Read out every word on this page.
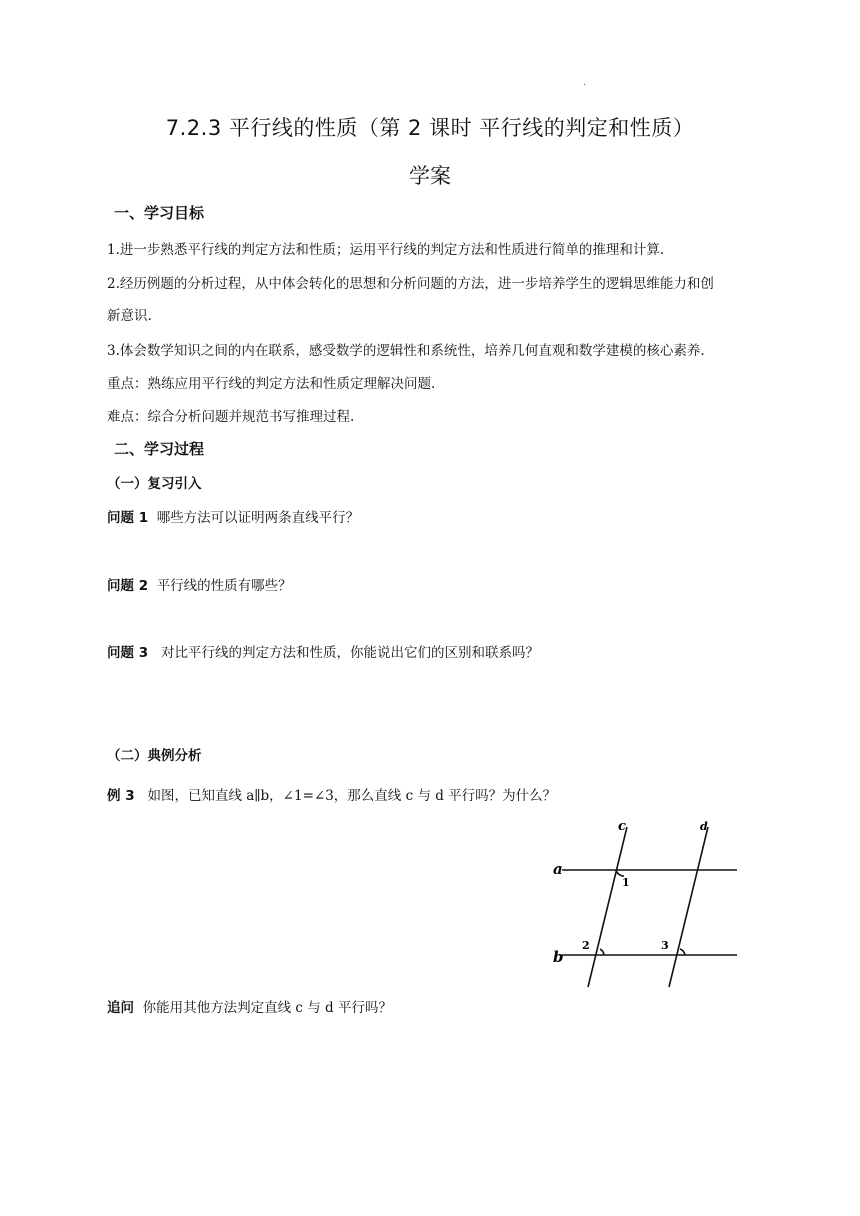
·
7.2.3 平行线的性质（第 2 课时 平行线的判定和性质）
学案
一、学习目标
1.进一步熟悉平行线的判定方法和性质；运用平行线的判定方法和性质进行简单的推理和计算.
2.经历例题的分析过程，从中体会转化的思想和分析问题的方法，进一步培养学生的逻辑思维能力和创
新意识.
3.体会数学知识之间的内在联系，感受数学的逻辑性和系统性，培养几何直观和数学建模的核心素养.
重点：熟练应用平行线的判定方法和性质定理解决问题.
难点：综合分析问题并规范书写推理过程.
二、学习过程
（一）复习引入
问题 1 哪些方法可以证明两条直线平行？
问题 2 平行线的性质有哪些？
问题 3 对比平行线的判定方法和性质，你能说出它们的区别和联系吗？
（二）典例分析
例 3 如图，已知直线 a∥b，∠1=∠3，那么直线 c 与 d 平行吗？为什么？
a
b
c	d
1
2	3
追问 你能用其他方法判定直线 c 与 d 平行吗？
